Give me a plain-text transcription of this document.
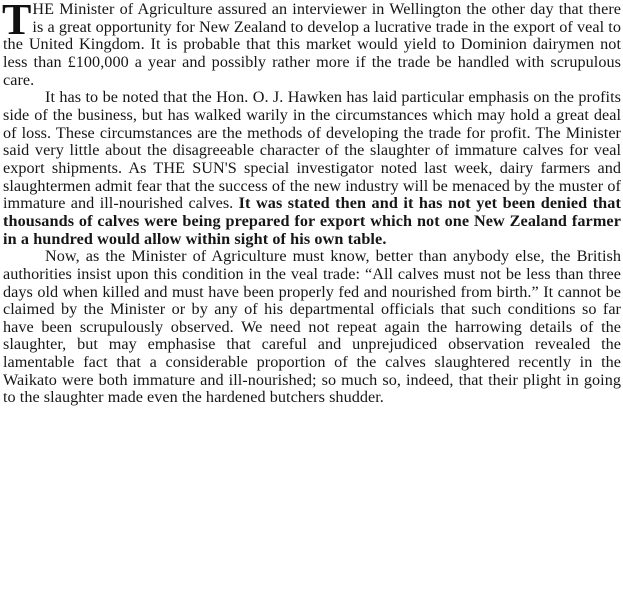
THE Minister of Agriculture assured an interviewer in Wellington the other day that there is a great opportunity for New Zealand to develop a lucrative trade in the export of veal to the United Kingdom. It is probable that this market would yield to Dominion dairymen not less than £100,000 a year and possibly rather more if the trade be handled with scrupulous care.

It has to be noted that the Hon. O. J. Hawken has laid particular emphasis on the profits side of the business, but has walked warily in the circumstances which may hold a great deal of loss. These circumstances are the methods of developing the trade for profit. The Minister said very little about the disagreeable character of the slaughter of immature calves for veal export shipments. As THE SUN'S special investigator noted last week, dairy farmers and slaughtermen admit fear that the success of the new industry will be menaced by the muster of immature and ill-nourished calves. It was stated then and it has not yet been denied that thousands of calves were being prepared for export which not one New Zealand farmer in a hundred would allow within sight of his own table.

Now, as the Minister of Agriculture must know, better than anybody else, the British authorities insist upon this condition in the veal trade: “All calves must not be less than three days old when killed and must have been properly fed and nourished from birth.” It cannot be claimed by the Minister or by any of his departmental officials that such conditions so far have been scrupulously observed. We need not repeat again the harrowing details of the slaughter, but may emphasise that careful and unprejudiced observation revealed the lamentable fact that a considerable proportion of the calves slaughtered recently in the Waikato were both immature and ill-nourished; so much so, indeed, that their plight in going to the slaughter made even the hardened butchers shudder.
